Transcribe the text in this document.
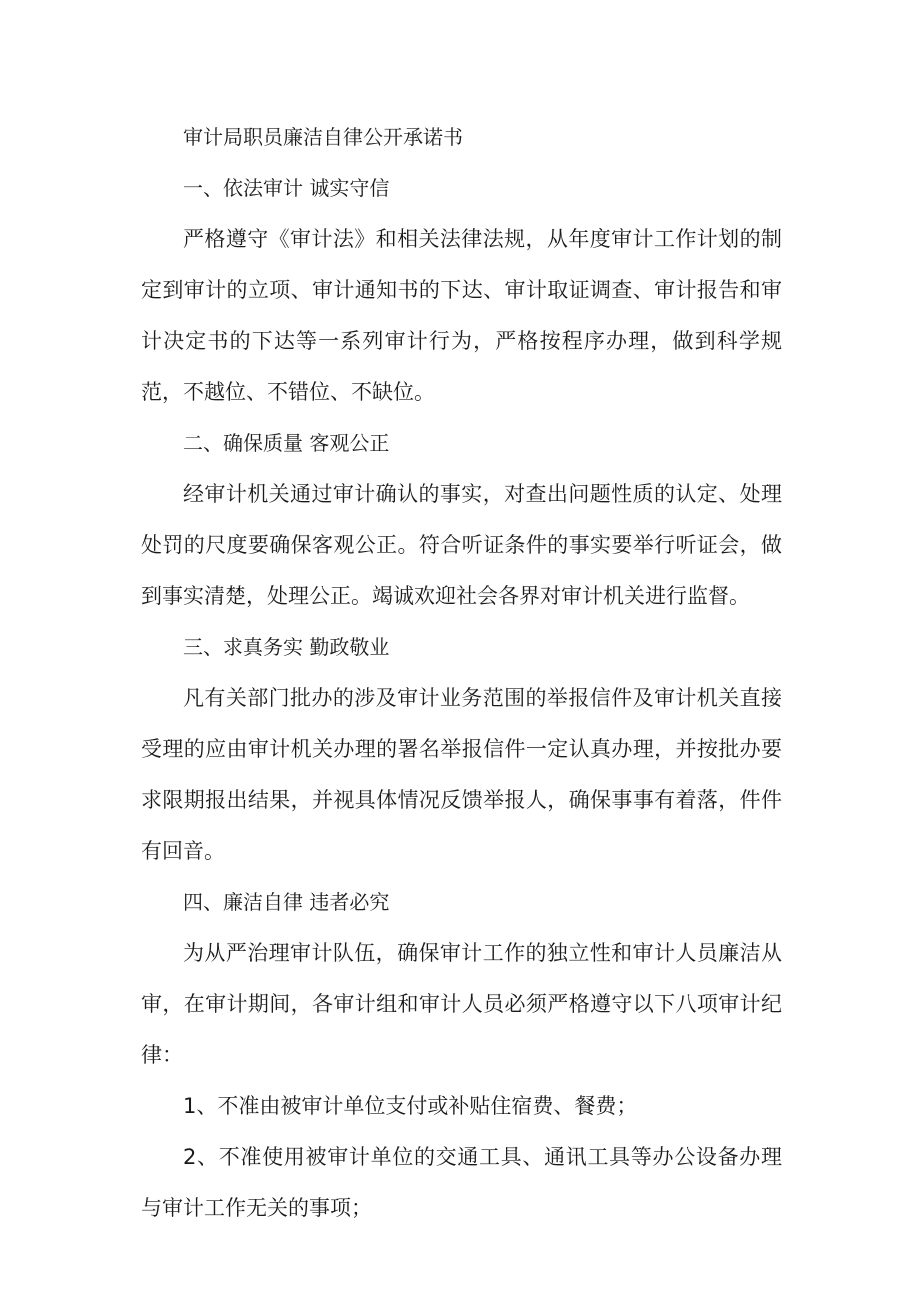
审计局职员廉洁自律公开承诺书

一、依法审计 诚实守信

严格遵守《审计法》和相关法律法规，从年度审计工作计划的制定到审计的立项、审计通知书的下达、审计取证调查、审计报告和审计决定书的下达等一系列审计行为，严格按程序办理，做到科学规范，不越位、不错位、不缺位。

二、确保质量 客观公正

经审计机关通过审计确认的事实，对查出问题性质的认定、处理处罚的尺度要确保客观公正。符合听证条件的事实要举行听证会，做到事实清楚，处理公正。竭诚欢迎社会各界对审计机关进行监督。

三、求真务实 勤政敬业

凡有关部门批办的涉及审计业务范围的举报信件及审计机关直接受理的应由审计机关办理的署名举报信件一定认真办理，并按批办要求限期报出结果，并视具体情况反馈举报人，确保事事有着落，件件有回音。

四、廉洁自律 违者必究

为从严治理审计队伍，确保审计工作的独立性和审计人员廉洁从审，在审计期间，各审计组和审计人员必须严格遵守以下八项审计纪律：

1、不准由被审计单位支付或补贴住宿费、餐费；

2、不准使用被审计单位的交通工具、通讯工具等办公设备办理与审计工作无关的事项；
